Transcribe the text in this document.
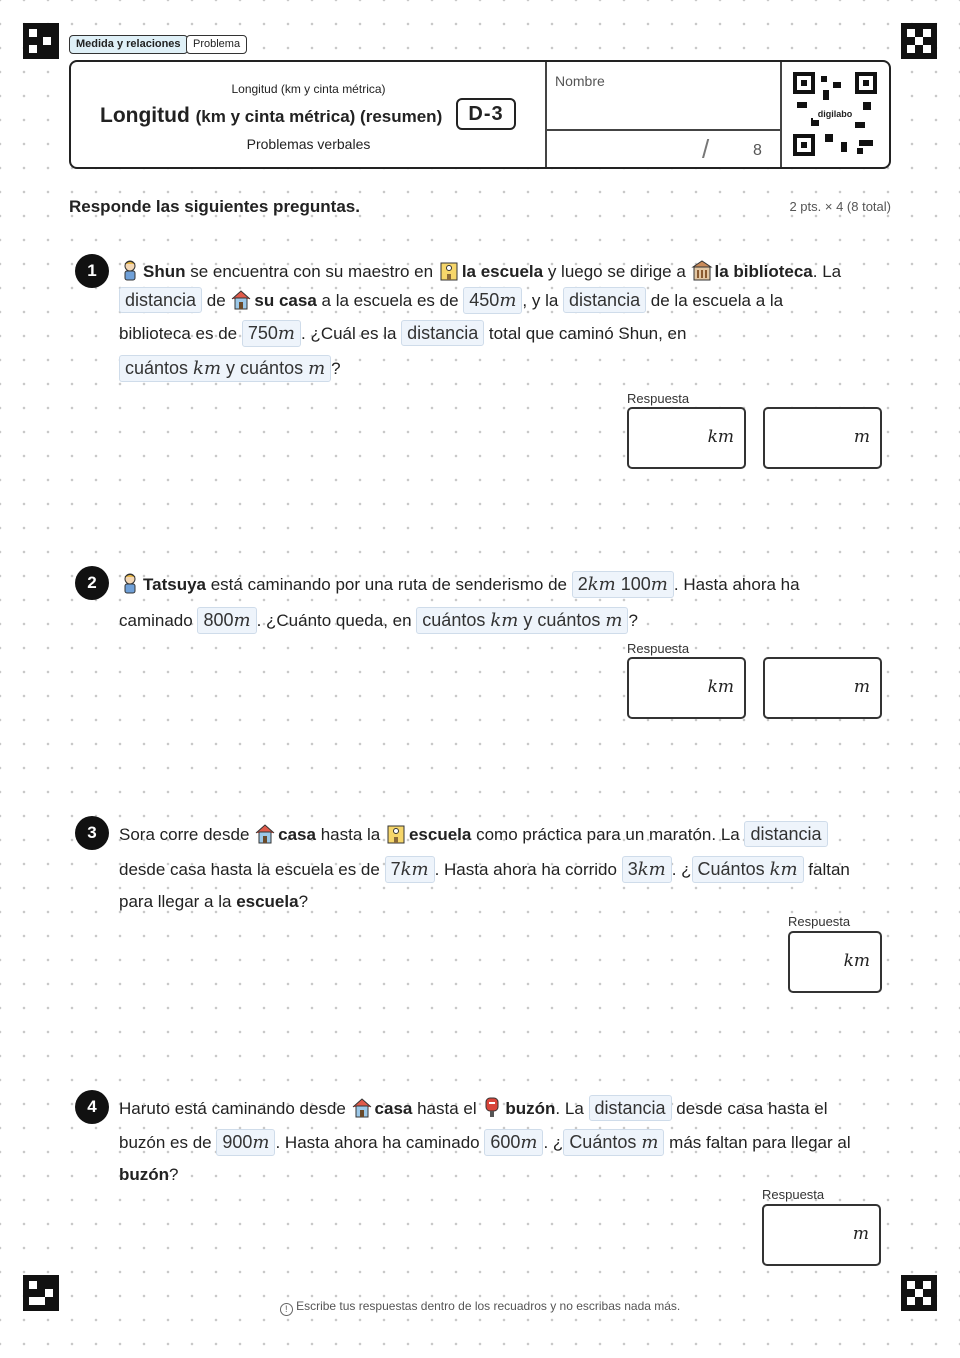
Medida y relaciones	Problema
Longitud (km y cinta métrica)
Longitud (km y cinta métrica) (resumen)	D-3
Problemas verbales
Nombre
/	8
digilabo
Responde las siguientes preguntas.	2 pts. × 4 (8 total)
1	Shun se encuentra con su maestro en la escuela y luego se dirige a la biblioteca. La
distancia de su casa a la escuela es de 450m , y la distancia de la escuela a la
biblioteca es de 750m . ¿Cuál es la distancia total que caminó Shun, en
cuántos km y cuántos m ?
Respuesta
km	m
2	Tatsuya está caminando por una ruta de senderismo de 2km 100m . Hasta ahora ha
caminado 800m . ¿Cuánto queda, en cuántos km y cuántos m ?
Respuesta
km	m
3	Sora corre desde casa hasta la escuela como práctica para un maratón. La distancia
desde casa hasta la escuela es de 7km . Hasta ahora ha corrido 3km . ¿ Cuántos km faltan
para llegar a la escuela?
Respuesta
km
4	Haruto está caminando desde casa hasta el buzón. La distancia desde casa hasta el
buzón es de 900m . Hasta ahora ha caminado 600m . ¿ Cuántos m más faltan para llegar al
buzón?
Respuesta
m
! Escribe tus respuestas dentro de los recuadros y no escribas nada más.
